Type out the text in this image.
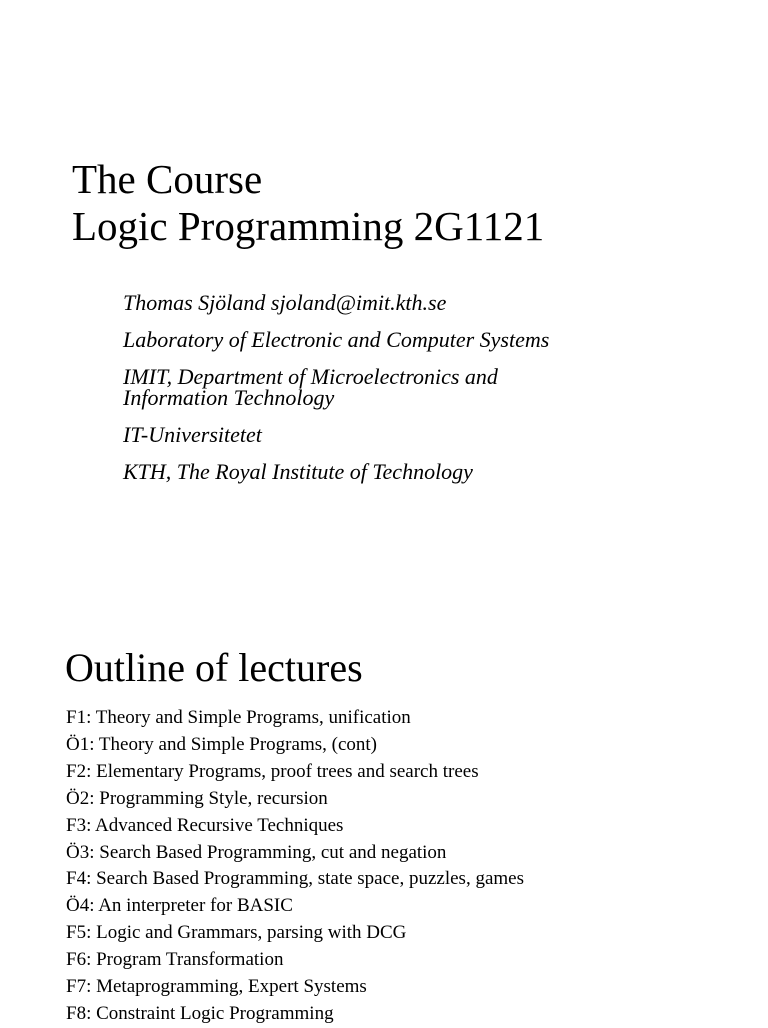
The Course
Logic Programming 2G1121

Thomas Sjöland sjoland@imit.kth.se

Laboratory of Electronic and Computer Systems

IMIT, Department of Microelectronics and
Information Technology

IT-Universitetet

KTH, The Royal Institute of Technology

Outline of lectures
F1: Theory and Simple Programs, unification
Ö1: Theory and Simple Programs, (cont)
F2: Elementary Programs, proof trees and search trees
Ö2: Programming Style, recursion
F3: Advanced Recursive Techniques
Ö3: Search Based Programming, cut and negation
F4: Search Based Programming, state space, puzzles, games
Ö4: An interpreter for BASIC
F5: Logic and Grammars, parsing with DCG
F6: Program Transformation
F7: Metaprogramming, Expert Systems
F8: Constraint Logic Programming
